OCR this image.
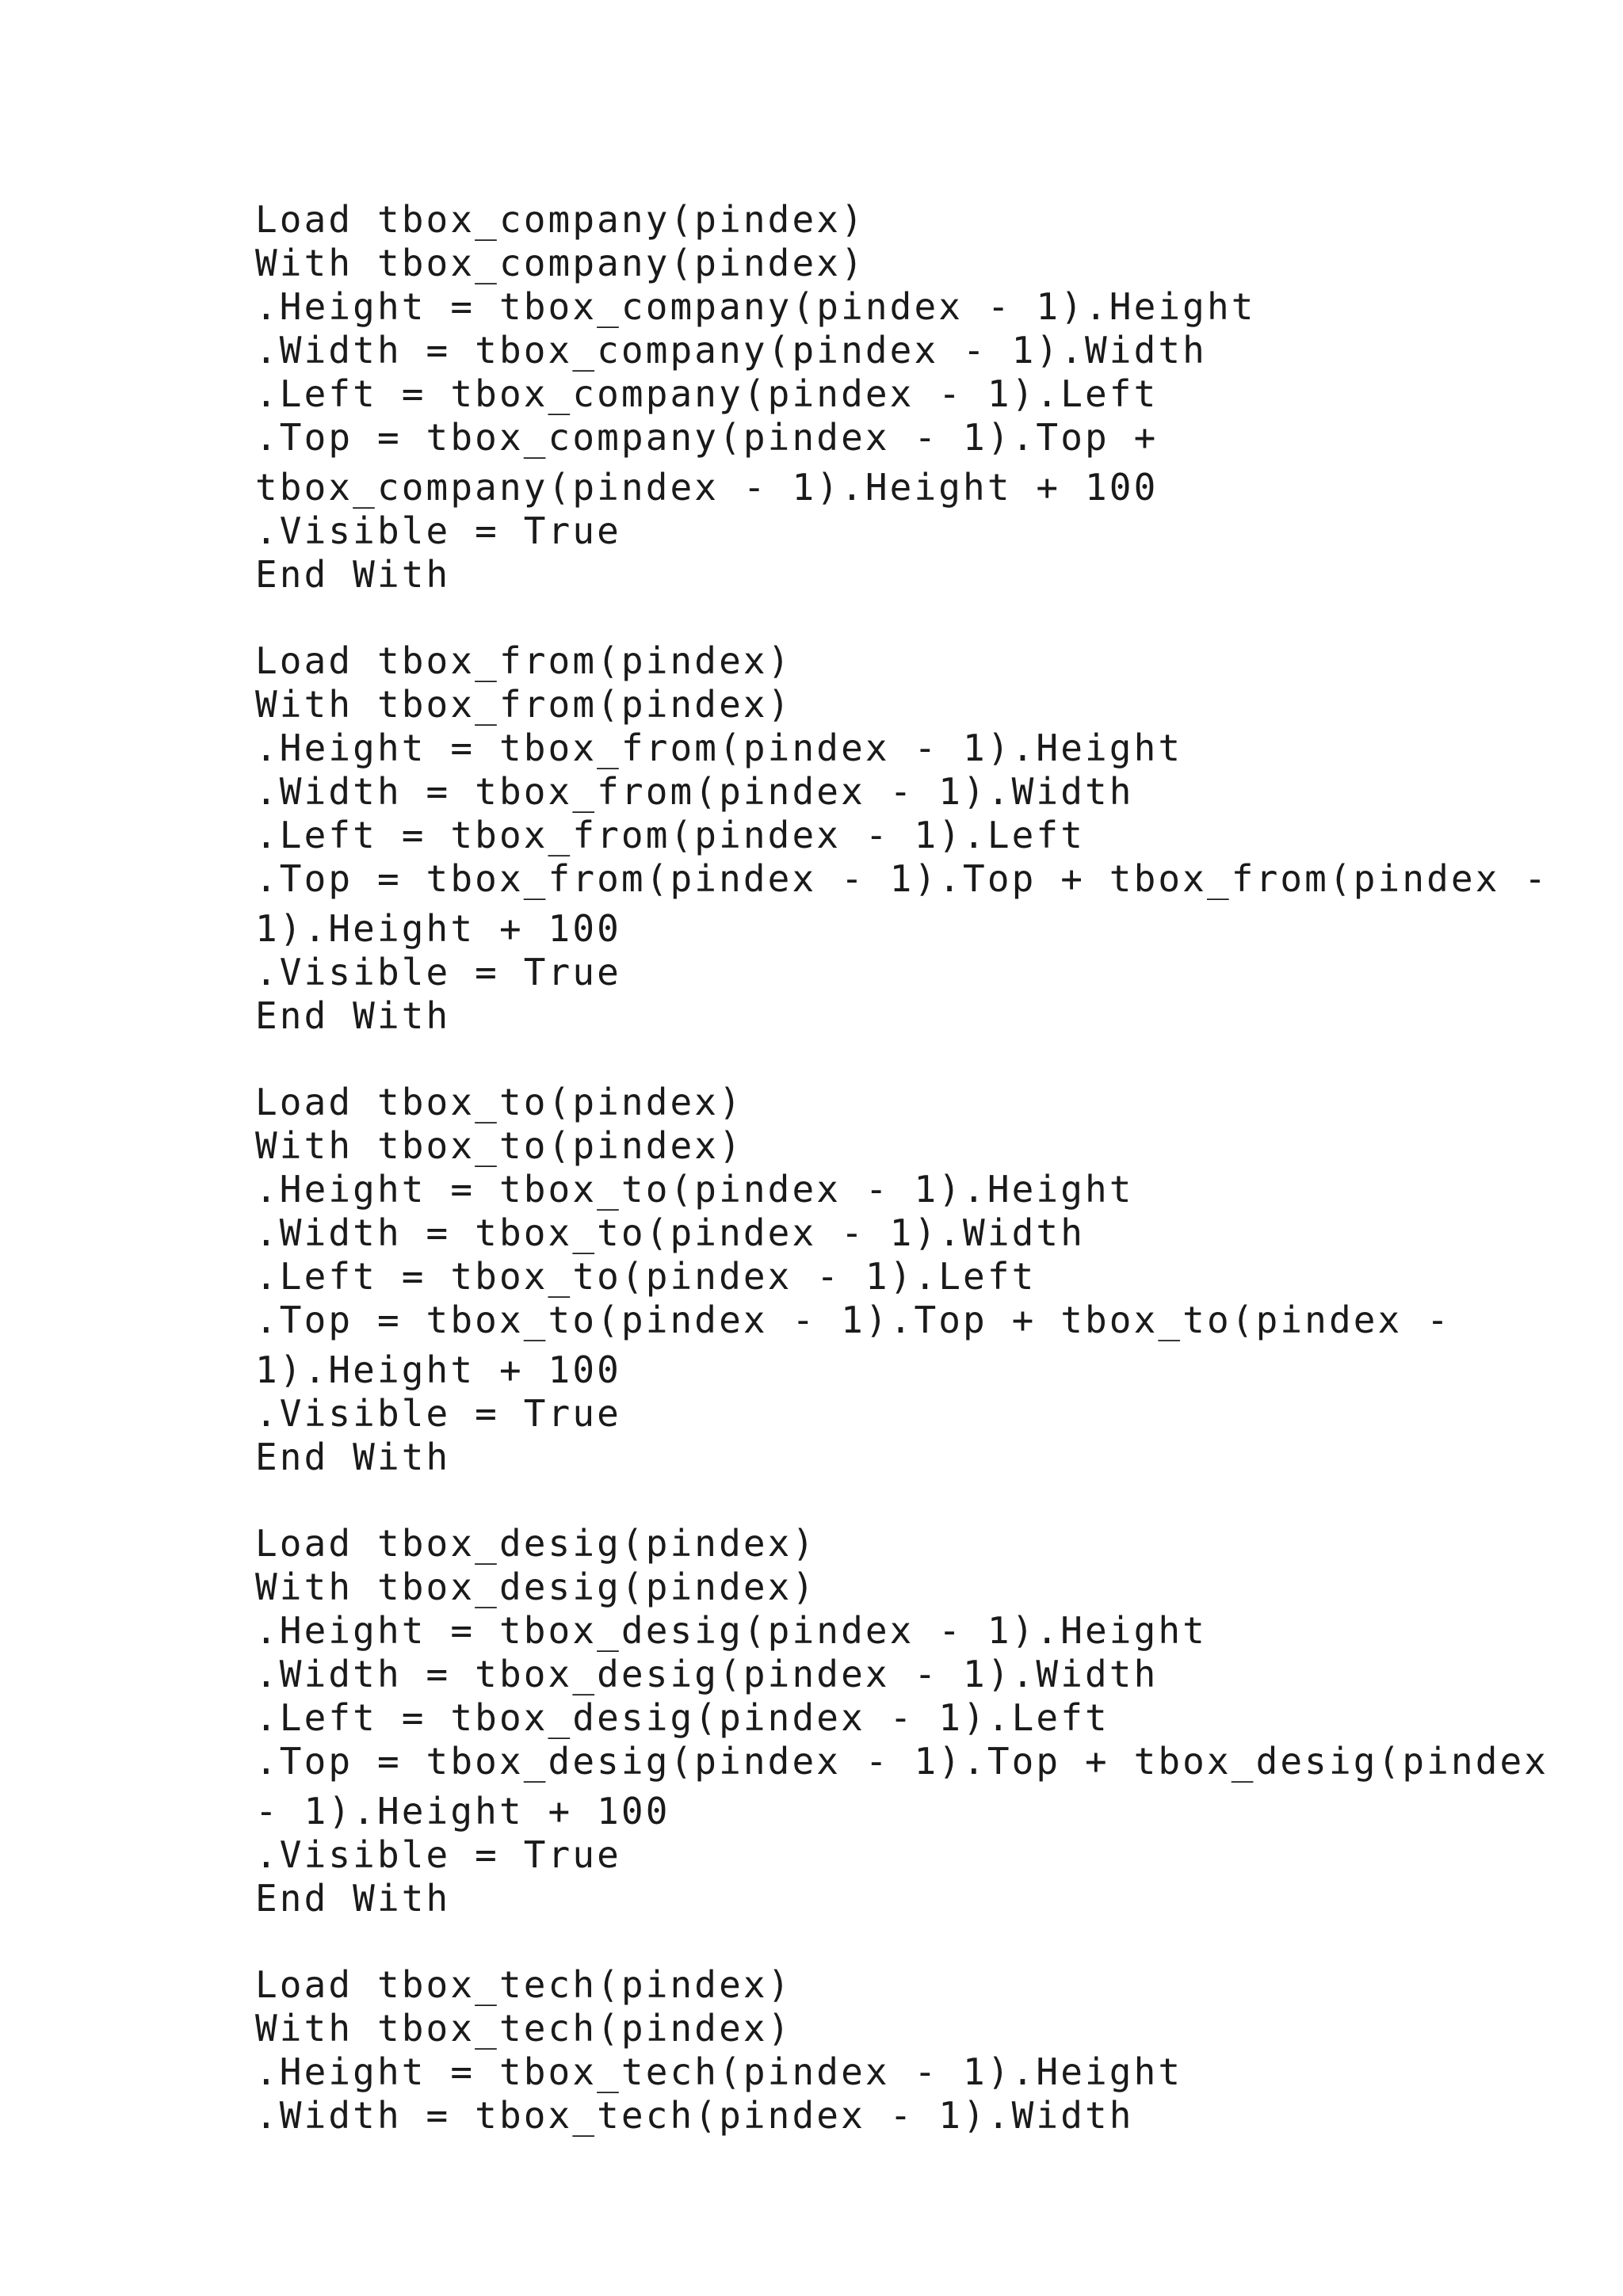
Load tbox_company(pindex)
With tbox_company(pindex)
.Height = tbox_company(pindex - 1).Height
.Width = tbox_company(pindex - 1).Width
.Left = tbox_company(pindex - 1).Left
.Top = tbox_company(pindex - 1).Top +
tbox_company(pindex - 1).Height + 100
.Visible = True
End With
Load tbox_from(pindex)
With tbox_from(pindex)
.Height = tbox_from(pindex - 1).Height
.Width = tbox_from(pindex - 1).Width
.Left = tbox_from(pindex - 1).Left
.Top = tbox_from(pindex - 1).Top + tbox_from(pindex -
1).Height + 100
.Visible = True
End With
Load tbox_to(pindex)
With tbox_to(pindex)
.Height = tbox_to(pindex - 1).Height
.Width = tbox_to(pindex - 1).Width
.Left = tbox_to(pindex - 1).Left
.Top = tbox_to(pindex - 1).Top + tbox_to(pindex -
1).Height + 100
.Visible = True
End With
Load tbox_desig(pindex)
With tbox_desig(pindex)
.Height = tbox_desig(pindex - 1).Height
.Width = tbox_desig(pindex - 1).Width
.Left = tbox_desig(pindex - 1).Left
.Top = tbox_desig(pindex - 1).Top + tbox_desig(pindex
- 1).Height + 100
.Visible = True
End With
Load tbox_tech(pindex)
With tbox_tech(pindex)
.Height = tbox_tech(pindex - 1).Height
.Width = tbox_tech(pindex - 1).Width
